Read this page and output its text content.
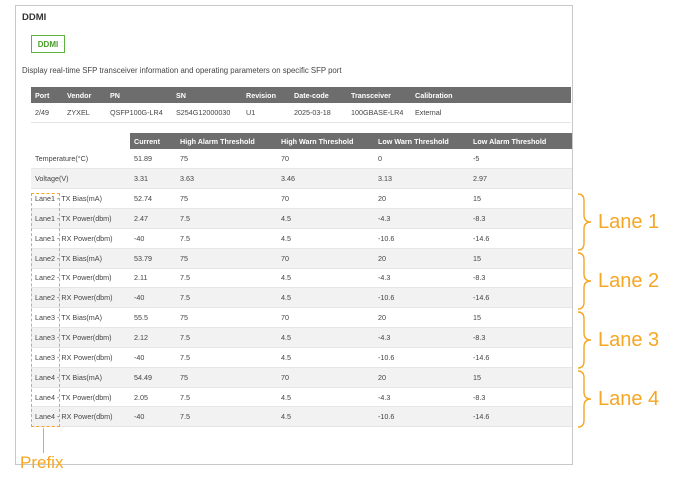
DDMI
DDMI
Display real-time SFP transceiver information and operating parameters on specific SFP port
Port	Vendor	PN	SN	Revision	Date-code	Transceiver	Calibration
2/49	ZYXEL	QSFP100G-LR4	S254G12000030	U1	2025-03-18	100GBASE-LR4	External
	Current	High Alarm Threshold	High Warn Threshold	Low Warn Threshold	Low Alarm Threshold
Temperature(°C)	51.89	75	70	0	-5
Voltage(V)	3.31	3.63	3.46	3.13	2.97
Lane1 - TX Bias(mA)	52.74	75	70	20	15
Lane1 - TX Power(dbm)	2.47	7.5	4.5	-4.3	-8.3
Lane1 - RX Power(dbm)	-40	7.5	4.5	-10.6	-14.6
Lane2 - TX Bias(mA)	53.79	75	70	20	15
Lane2 - TX Power(dbm)	2.11	7.5	4.5	-4.3	-8.3
Lane2 - RX Power(dbm)	-40	7.5	4.5	-10.6	-14.6
Lane3 - TX Bias(mA)	55.5	75	70	20	15
Lane3 - TX Power(dbm)	2.12	7.5	4.5	-4.3	-8.3
Lane3 - RX Power(dbm)	-40	7.5	4.5	-10.6	-14.6
Lane4 - TX Bias(mA)	54.49	75	70	20	15
Lane4 - TX Power(dbm)	2.05	7.5	4.5	-4.3	-8.3
Lane4 - RX Power(dbm)	-40	7.5	4.5	-10.6	-14.6
Prefix
Lane 1
Lane 2
Lane 3
Lane 4
